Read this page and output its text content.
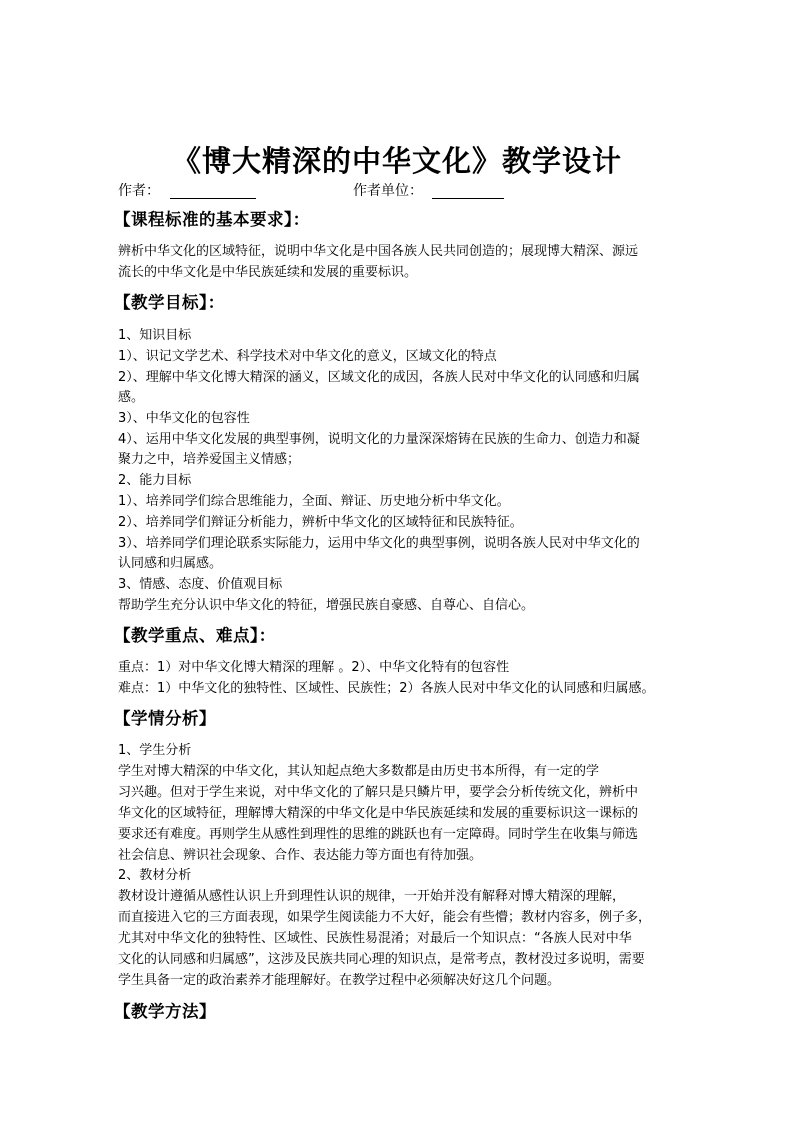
《博大精深的中华文化》教学设计
作者：	作者单位：
【课程标准的基本要求】：
辨析中华文化的区域特征，说明中华文化是中国各族人民共同创造的；展现博大精深、源远
流长的中华文化是中华民族延续和发展的重要标识。
【教学目标】：
1、知识目标
1）、识记文学艺术、科学技术对中华文化的意义，区域文化的特点
2）、理解中华文化博大精深的涵义，区域文化的成因，各族人民对中华文化的认同感和归属
感。
3）、中华文化的包容性
4）、运用中华文化发展的典型事例，说明文化的力量深深熔铸在民族的生命力、创造力和凝
聚力之中，培养爱国主义情感；
2、能力目标
1）、培养同学们综合思维能力，全面、辩证、历史地分析中华文化。
2）、培养同学们辩证分析能力，辨析中华文化的区域特征和民族特征。
3）、培养同学们理论联系实际能力，运用中华文化的典型事例，说明各族人民对中华文化的
认同感和归属感。
3、情感、态度、价值观目标
帮助学生充分认识中华文化的特征，增强民族自豪感、自尊心、自信心。
【教学重点、难点】：
重点：1）对中华文化博大精深的理解 。2）、中华文化特有的包容性
难点：1）中华文化的独特性、区域性、民族性；2）各族人民对中华文化的认同感和归属感。
【学情分析】
1、学生分析
学生对博大精深的中华文化，其认知起点绝大多数都是由历史书本所得，有一定的学
习兴趣。但对于学生来说，对中华文化的了解只是只鳞片甲，要学会分析传统文化，辨析中
华文化的区域特征，理解博大精深的中华文化是中华民族延续和发展的重要标识这一课标的
要求还有难度。再则学生从感性到理性的思维的跳跃也有一定障碍。同时学生在收集与筛选
社会信息、辨识社会现象、合作、表达能力等方面也有待加强。
2、教材分析
教材设计遵循从感性认识上升到理性认识的规律，一开始并没有解释对博大精深的理解，
而直接进入它的三方面表现，如果学生阅读能力不大好，能会有些懵；教材内容多，例子多，
尤其对中华文化的独特性、区域性、民族性易混淆；对最后一个知识点：“各族人民对中华
文化的认同感和归属感”，这涉及民族共同心理的知识点，是常考点，教材没过多说明，需要
学生具备一定的政治素养才能理解好。在教学过程中必须解决好这几个问题。
【教学方法】
